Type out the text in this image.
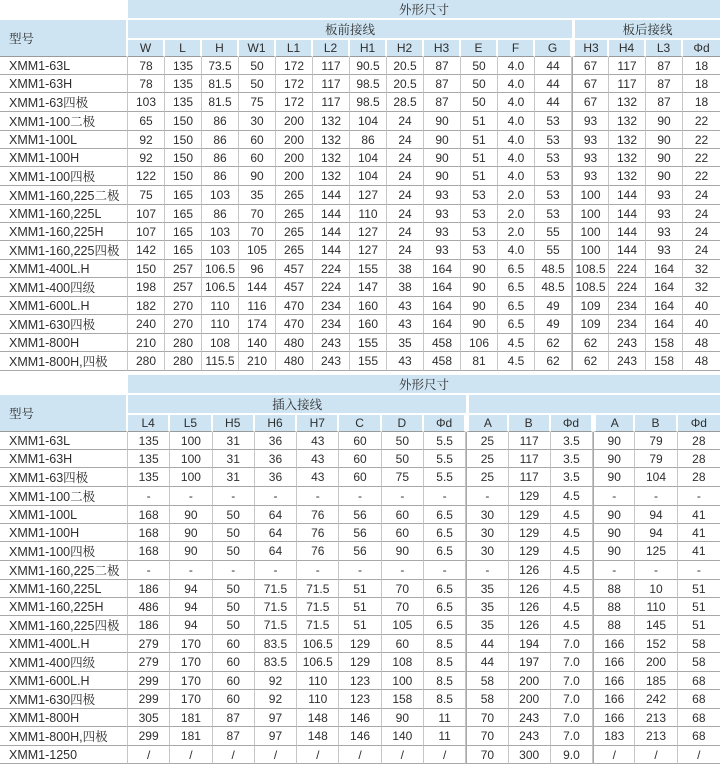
	外形尺寸															
型号	板前接线												板后接线			
	W	L	H	W1	L1	L2	H1	H2	H3	E	F	G	H3	H4	L3	Φd
XMM1-63L	78	135	73.5	50	172	117	90.5	20.5	87	50	4.0	44	67	117	87	18
XMM1-63H	78	135	81.5	50	172	117	98.5	20.5	87	50	4.0	44	67	117	87	18
XMM1-63四极	103	135	81.5	75	172	117	98.5	28.5	87	50	4.0	44	67	132	87	18
XMM1-100二极	65	150	86	30	200	132	104	24	90	51	4.0	53	93	132	90	22
XMM1-100L	92	150	86	60	200	132	86	24	90	51	4.0	53	93	132	90	22
XMM1-100H	92	150	86	60	200	132	104	24	90	51	4.0	53	93	132	90	22
XMM1-100四极	122	150	86	90	200	132	104	24	90	51	4.0	53	93	132	90	22
XMM1-160,225二极	75	165	103	35	265	144	127	24	93	53	2.0	53	100	144	93	24
XMM1-160,225L	107	165	86	70	265	144	110	24	93	53	2.0	53	100	144	93	24
XMM1-160,225H	107	165	103	70	265	144	127	24	93	53	2.0	55	100	144	93	24
XMM1-160,225四极	142	165	103	105	265	144	127	24	93	53	4.0	55	100	144	93	24
XMM1-400L.H	150	257	106.5	96	457	224	155	38	164	90	6.5	48.5	108.5	224	164	32
XMM1-400四级	198	257	106.5	144	457	224	147	38	164	90	6.5	48.5	108.5	224	164	32
XMM1-600L.H	182	270	110	116	470	234	160	43	164	90	6.5	49	109	234	164	40
XMM1-630四极	240	270	110	174	470	234	160	43	164	90	6.5	49	109	234	164	40
XMM1-800H	210	280	108	140	480	243	155	35	458	106	4.5	62	62	243	158	48
XMM1-800H,四极	280	280	115.5	210	480	243	155	43	458	81	4.5	62	62	243	158	48
	外形尺寸													
型号	插入接线													
	L4	L5	H5	H6	H7	C	D	Φd	A	B	Φd	A	B	Φd
XMM1-63L	135	100	31	36	43	60	50	5.5	25	117	3.5	90	79	28
XMM1-63H	135	100	31	36	43	60	50	5.5	25	117	3.5	90	79	28
XMM1-63四极	135	100	31	36	43	60	75	5.5	25	117	3.5	90	104	28
XMM1-100二极	-	-	-	-	-	-	-	-	-	129	4.5	-	-	-
XMM1-100L	168	90	50	64	76	56	60	6.5	30	129	4.5	90	94	41
XMM1-100H	168	90	50	64	76	56	60	6.5	30	129	4.5	90	94	41
XMM1-100四极	168	90	50	64	76	56	90	6.5	30	129	4.5	90	125	41
XMM1-160,225二极	-	-	-	-	-	-	-	-	-	126	4.5	-	-	-
XMM1-160,225L	186	94	50	71.5	71.5	51	70	6.5	35	126	4.5	88	10	51
XMM1-160,225H	486	94	50	71.5	71.5	51	70	6.5	35	126	4.5	88	110	51
XMM1-160,225四极	186	94	50	71.5	71.5	51	105	6.5	35	126	4.5	88	145	51
XMM1-400L.H	279	170	60	83.5	106.5	129	60	8.5	44	194	7.0	166	152	58
XMM1-400四级	279	170	60	83.5	106.5	129	108	8.5	44	197	7.0	166	200	58
XMM1-600L.H	299	170	60	92	110	123	100	8.5	58	200	7.0	166	185	68
XMM1-630四极	299	170	60	92	110	123	158	8.5	58	200	7.0	166	242	68
XMM1-800H	305	181	87	97	148	146	90	11	70	243	7.0	166	213	68
XMM1-800H,四极	299	181	87	97	148	146	140	11	70	243	7.0	183	213	68
XMM1-1250	/	/	/	/	/	/	/	/	70	300	9.0	/	/	/
